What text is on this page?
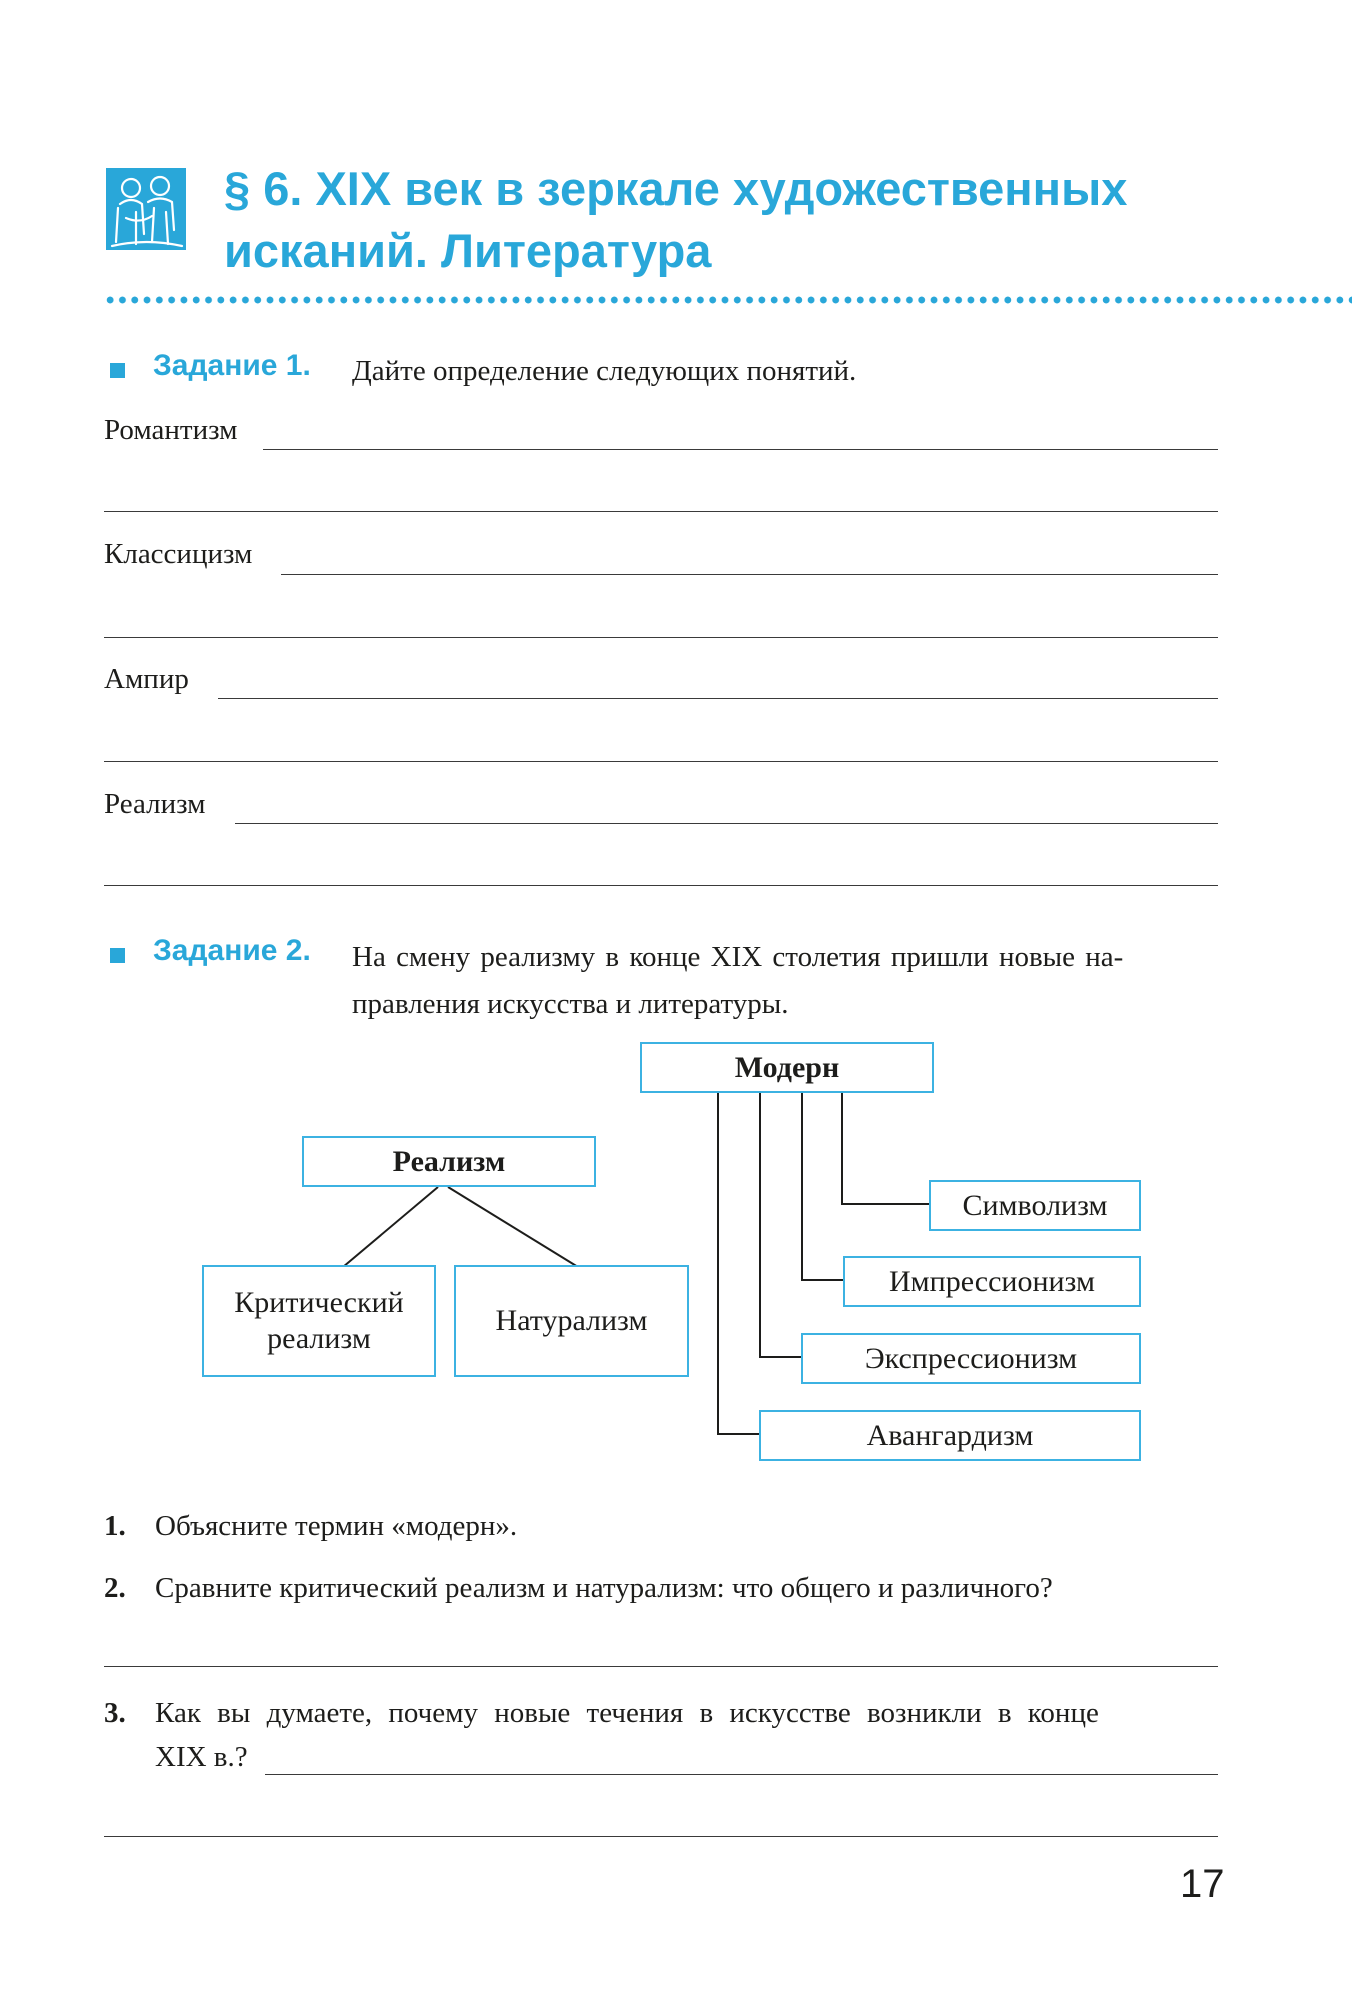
§ 6. XIX век в зеркале художественных
исканий. Литература
Задание 1. Дайте определение следующих понятий.
Романтизм
Классицизм
Ампир
Реализм
Задание 2. На смену реализму в конце XIX столетия пришли новые на-
правления искусства и литературы.
Реализм
Критический
реализм
Натурализм
Модерн
Символизм
Импрессионизм
Экспрессионизм
Авангардизм
1. Объясните термин «модерн».
2. Сравните критический реализм и натурализм: что общего и различного?
3. Как вы думаете, почему новые течения в искусстве возникли в конце
XIX в.?
17
